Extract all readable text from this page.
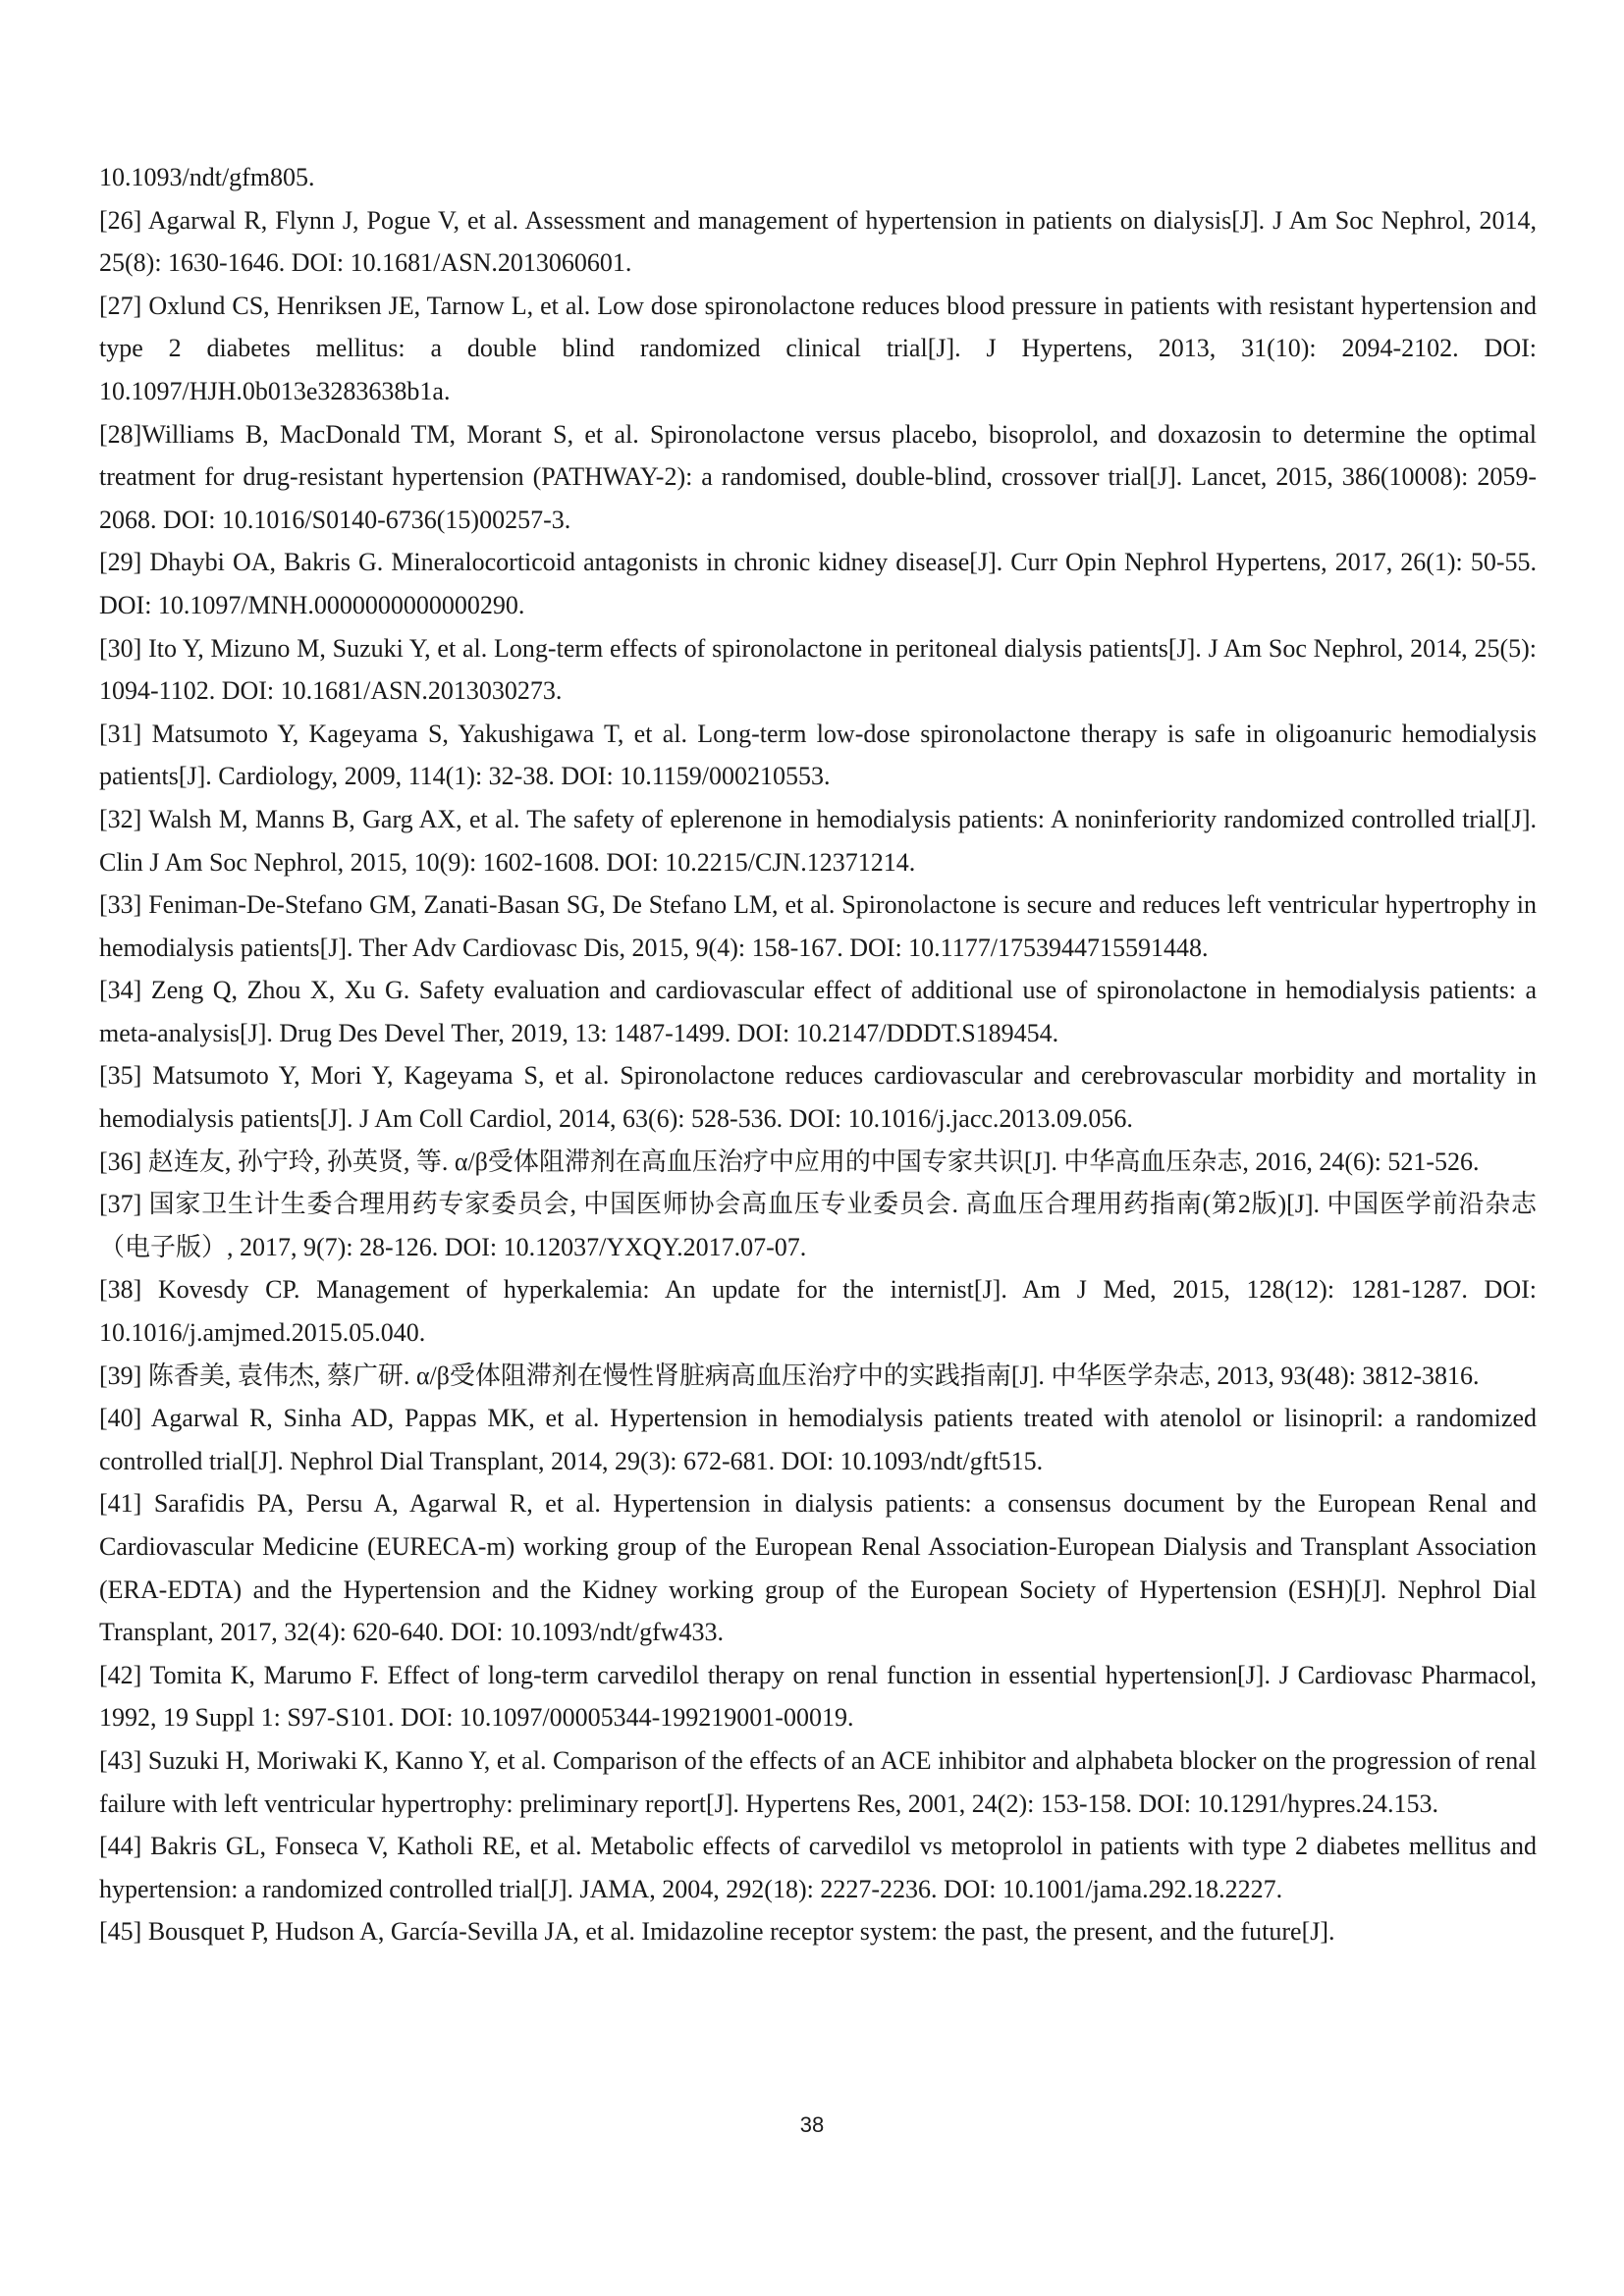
10.1093/ndt/gfm805.

[26] Agarwal R, Flynn J, Pogue V, et al. Assessment and management of hypertension in patients on dialysis[J]. J Am Soc Nephrol, 2014, 25(8): 1630-1646. DOI: 10.1681/ASN.2013060601.

[27] Oxlund CS, Henriksen JE, Tarnow L, et al. Low dose spironolactone reduces blood pressure in patients with resistant hypertension and type 2 diabetes mellitus: a double blind randomized clinical trial[J]. J Hypertens, 2013, 31(10): 2094-2102. DOI: 10.1097/HJH.0b013e3283638b1a.

[28]Williams B, MacDonald TM, Morant S, et al. Spironolactone versus placebo, bisoprolol, and doxazosin to determine the optimal treatment for drug-resistant hypertension (PATHWAY-2): a randomised, double-blind, crossover trial[J]. Lancet, 2015, 386(10008): 2059-2068. DOI: 10.1016/S0140-6736(15)00257-3.

[29] Dhaybi OA, Bakris G. Mineralocorticoid antagonists in chronic kidney disease[J]. Curr Opin Nephrol Hypertens, 2017, 26(1): 50-55. DOI: 10.1097/MNH.0000000000000290.

[30] Ito Y, Mizuno M, Suzuki Y, et al. Long-term effects of spironolactone in peritoneal dialysis patients[J]. J Am Soc Nephrol, 2014, 25(5): 1094-1102. DOI: 10.1681/ASN.2013030273.

[31] Matsumoto Y, Kageyama S, Yakushigawa T, et al. Long-term low-dose spironolactone therapy is safe in oligoanuric hemodialysis patients[J]. Cardiology, 2009, 114(1): 32-38. DOI: 10.1159/000210553.

[32] Walsh M, Manns B, Garg AX, et al. The safety of eplerenone in hemodialysis patients: A noninferiority randomized controlled trial[J]. Clin J Am Soc Nephrol, 2015, 10(9): 1602-1608. DOI: 10.2215/CJN.12371214.

[33] Feniman-De-Stefano GM, Zanati-Basan SG, De Stefano LM, et al. Spironolactone is secure and reduces left ventricular hypertrophy in hemodialysis patients[J]. Ther Adv Cardiovasc Dis, 2015, 9(4): 158-167. DOI: 10.1177/1753944715591448.

[34] Zeng Q, Zhou X, Xu G. Safety evaluation and cardiovascular effect of additional use of spironolactone in hemodialysis patients: a meta-analysis[J]. Drug Des Devel Ther, 2019, 13: 1487-1499. DOI: 10.2147/DDDT.S189454.

[35] Matsumoto Y, Mori Y, Kageyama S, et al. Spironolactone reduces cardiovascular and cerebrovascular morbidity and mortality in hemodialysis patients[J]. J Am Coll Cardiol, 2014, 63(6): 528-536. DOI: 10.1016/j.jacc.2013.09.056.

[36] 赵连友, 孙宁玲, 孙英贤, 等. α/β受体阻滞剂在高血压治疗中应用的中国专家共识[J]. 中华高血压杂志, 2016, 24(6): 521-526.

[37] 国家卫生计生委合理用药专家委员会, 中国医师协会高血压专业委员会. 高血压合理用药指南(第2版)[J]. 中国医学前沿杂志（电子版）, 2017, 9(7): 28-126. DOI: 10.12037/YXQY.2017.07-07.

[38] Kovesdy CP. Management of hyperkalemia: An update for the internist[J]. Am J Med, 2015, 128(12): 1281-1287. DOI: 10.1016/j.amjmed.2015.05.040.

[39] 陈香美, 袁伟杰, 蔡广研. α/β受体阻滞剂在慢性肾脏病高血压治疗中的实践指南[J]. 中华医学杂志, 2013, 93(48): 3812-3816.

[40] Agarwal R, Sinha AD, Pappas MK, et al. Hypertension in hemodialysis patients treated with atenolol or lisinopril: a randomized controlled trial[J]. Nephrol Dial Transplant, 2014, 29(3): 672-681. DOI: 10.1093/ndt/gft515.

[41] Sarafidis PA, Persu A, Agarwal R, et al. Hypertension in dialysis patients: a consensus document by the European Renal and Cardiovascular Medicine (EURECA-m) working group of the European Renal Association-European Dialysis and Transplant Association (ERA-EDTA) and the Hypertension and the Kidney working group of the European Society of Hypertension (ESH)[J]. Nephrol Dial Transplant, 2017, 32(4): 620-640. DOI: 10.1093/ndt/gfw433.

[42] Tomita K, Marumo F. Effect of long-term carvedilol therapy on renal function in essential hypertension[J]. J Cardiovasc Pharmacol, 1992, 19 Suppl 1: S97-S101. DOI: 10.1097/00005344-199219001-00019.

[43] Suzuki H, Moriwaki K, Kanno Y, et al. Comparison of the effects of an ACE inhibitor and alphabeta blocker on the progression of renal failure with left ventricular hypertrophy: preliminary report[J]. Hypertens Res, 2001, 24(2): 153-158. DOI: 10.1291/hypres.24.153.

[44] Bakris GL, Fonseca V, Katholi RE, et al. Metabolic effects of carvedilol vs metoprolol in patients with type 2 diabetes mellitus and hypertension: a randomized controlled trial[J]. JAMA, 2004, 292(18): 2227-2236. DOI: 10.1001/jama.292.18.2227.

[45] Bousquet P, Hudson A, García-Sevilla JA, et al. Imidazoline receptor system: the past, the present, and the future[J].

38
